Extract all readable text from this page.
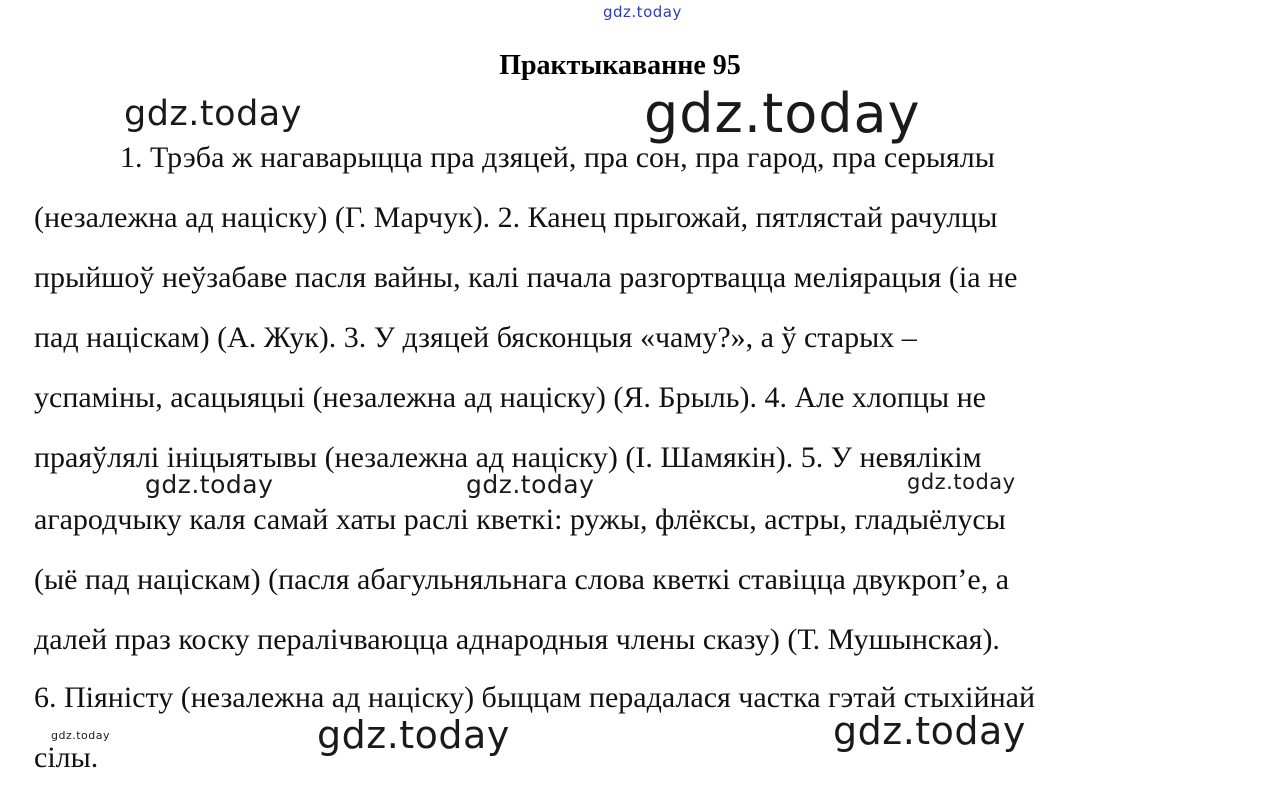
gdz.today
Практыкаванне 95
1. Трэба ж нагаварыцца пра дзяцей, пра сон, пра гарод, пра серыялы
(незалежна ад націску) (Г. Марчук). 2. Канец прыгожай, пятлястай рачулцы
прыйшоў неўзабаве пасля вайны, калі пачала разгортвацца меліярацыя (іа не
пад націскам) (А. Жук). 3. У дзяцей бясконцыя «чаму?», а ў старых –
успаміны, асацыяцыі (незалежна ад націску) (Я. Брыль). 4. Але хлопцы не
праяўлялі ініцыятывы (незалежна ад націску) (І. Шамякін). 5. У невялікім
агародчыку каля самай хаты раслі кветкі: ружы, флёксы, астры, гладыёлусы
(ыё пад націскам) (пасля абагульняльнага слова кветкі ставіцца двукроп’е, а
далей праз коску пералічваюцца аднародныя члены сказу) (Т. Мушынская).
6. Піяністу (незалежна ад націску) быццам перадалася частка гэтай стыхійнай
сілы.
gdz.today	gdz.today
gdz.today	gdz.today	gdz.today
gdz.today	gdz.today	gdz.today
